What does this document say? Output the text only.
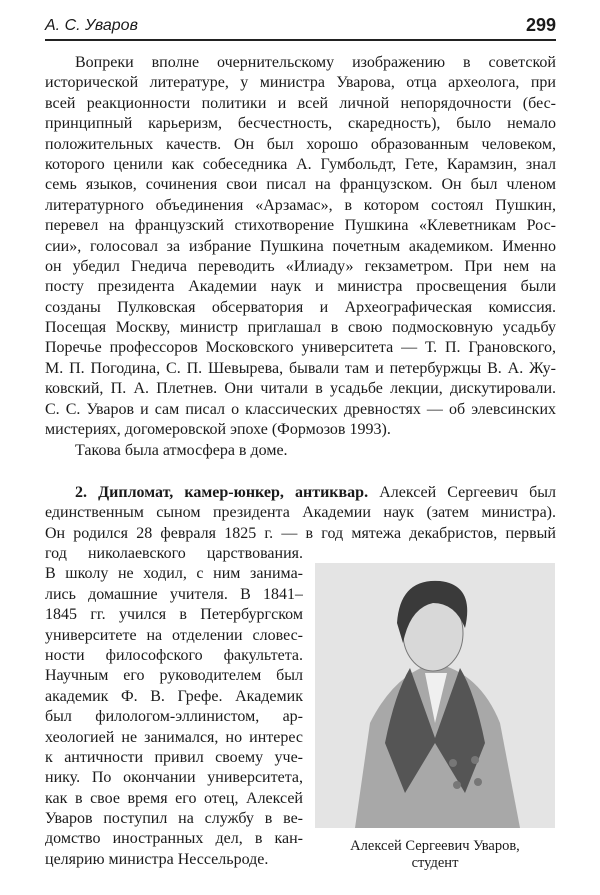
А. С. Уваров	299
Вопреки вполне очернительскому изображению в советской
исторической литературе, у министра Уварова, отца археолога, при
всей реакционности политики и всей личной непорядочности (бес-
принципный карьеризм, бесчестность, скаредность), было немало
положительных качеств. Он был хорошо образованным человеком,
которого ценили как собеседника А. Гумбольдт, Гете, Карамзин, знал
семь языков, сочинения свои писал на французском. Он был членом
литературного объединения «Арзамас», в котором состоял Пушкин,
перевел на французский стихотворение Пушкина «Клеветникам Рос-
сии», голосовал за избрание Пушкина почетным академиком. Именно
он убедил Гнедича переводить «Илиаду» гекзаметром. При нем на
посту президента Академии наук и министра просвещения были
созданы Пулковская обсерватория и Археографическая комиссия.
Посещая Москву, министр приглашал в свою подмосковную усадьбу
Поречье профессоров Московского университета — Т. П. Грановского,
М. П. Погодина, С. П. Шевырева, бывали там и петербуржцы В. А. Жу-
ковский, П. А. Плетнев. Они читали в усадьбе лекции, дискутировали.
С. С. Уваров и сам писал о классических древностях — об элевсинских
мистериях, догомеровской эпохе (Формозов 1993).
Такова была атмосфера в доме.
2. Дипломат, камер-юнкер, антиквар. Алексей Сергеевич был
единственным сыном президента Академии наук (затем министра).
Он родился 28 февраля 1825 г. — в год мятежа декабристов, первый
год николаевского царствования.
В школу не ходил, с ним занима-
лись домашние учителя. В 1841–
1845 гг. учился в Петербургском
университете на отделении словес-
ности философского факультета.
Научным его руководителем был
академик Ф. В. Грефе. Академик
был филологом-эллинистом, ар-
хеологией не занимался, но интерес
к античности привил своему уче-
нику. По окончании университета,
как в свое время его отец, Алексей
Уваров поступил на службу в ве-
домство иностранных дел, в кан-
целярию министра Нессельроде.
Алексей Сергеевич Уваров,
студент
